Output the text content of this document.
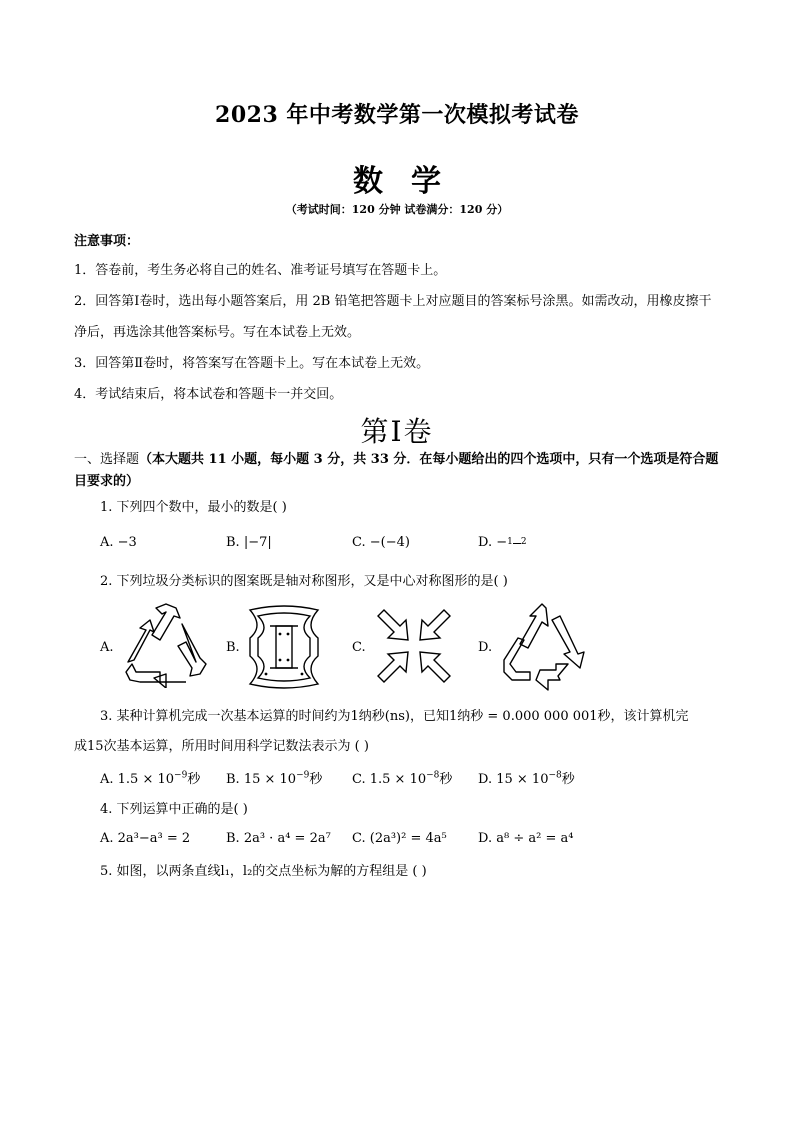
2023 年中考数学第一次模拟考试卷
数学
（考试时间：120 分钟 试卷满分：120 分）
注意事项：

1．答卷前，考生务必将自己的姓名、准考证号填写在答题卡上。

2．回答第Ⅰ卷时，选出每小题答案后，用 2B 铅笔把答题卡上对应题目的答案标号涂黑。如需改动，用橡皮擦干净后，再选涂其他答案标号。写在本试卷上无效。

3．回答第Ⅱ卷时，将答案写在答题卡上。写在本试卷上无效。

4．考试结束后，将本试卷和答题卡一并交回。

第Ⅰ卷
一、选择题（本大题共 11 小题，每小题 3 分，共 33 分．在每小题给出的四个选项中，只有一个选项是符合题目要求的）
1. 下列四个数中，最小的数是( )
A. −3	B. |−7|	C. −(−4)	D. −1 2
2. 下列垃圾分类标识的图案既是轴对称图形，又是中心对称图形的是( )
A.	B.	C.	D.
3. 某种计算机完成一次基本运算的时间约为1纳秒(ns)，已知1纳秒 = 0.000 000 001秒，该计算机完
成15次基本运算，所用时间用科学记数法表示为 ( )
A. $1.5 \times 10^{-9}$秒	B. $15 \times 10^{-9}$秒	C. $1.5 \times 10^{-8}$秒	D. $15 \times 10^{-8}$秒
4. 下列运算中正确的是( )
A. 2a³−a³ = 2	B. 2a³ · a⁴ = 2a⁷	C. (2a³)² = 4a⁵	D. a⁸ ÷ a² = a⁴
5. 如图，以两条直线l₁，l₂的交点坐标为解的方程组是 ( )
